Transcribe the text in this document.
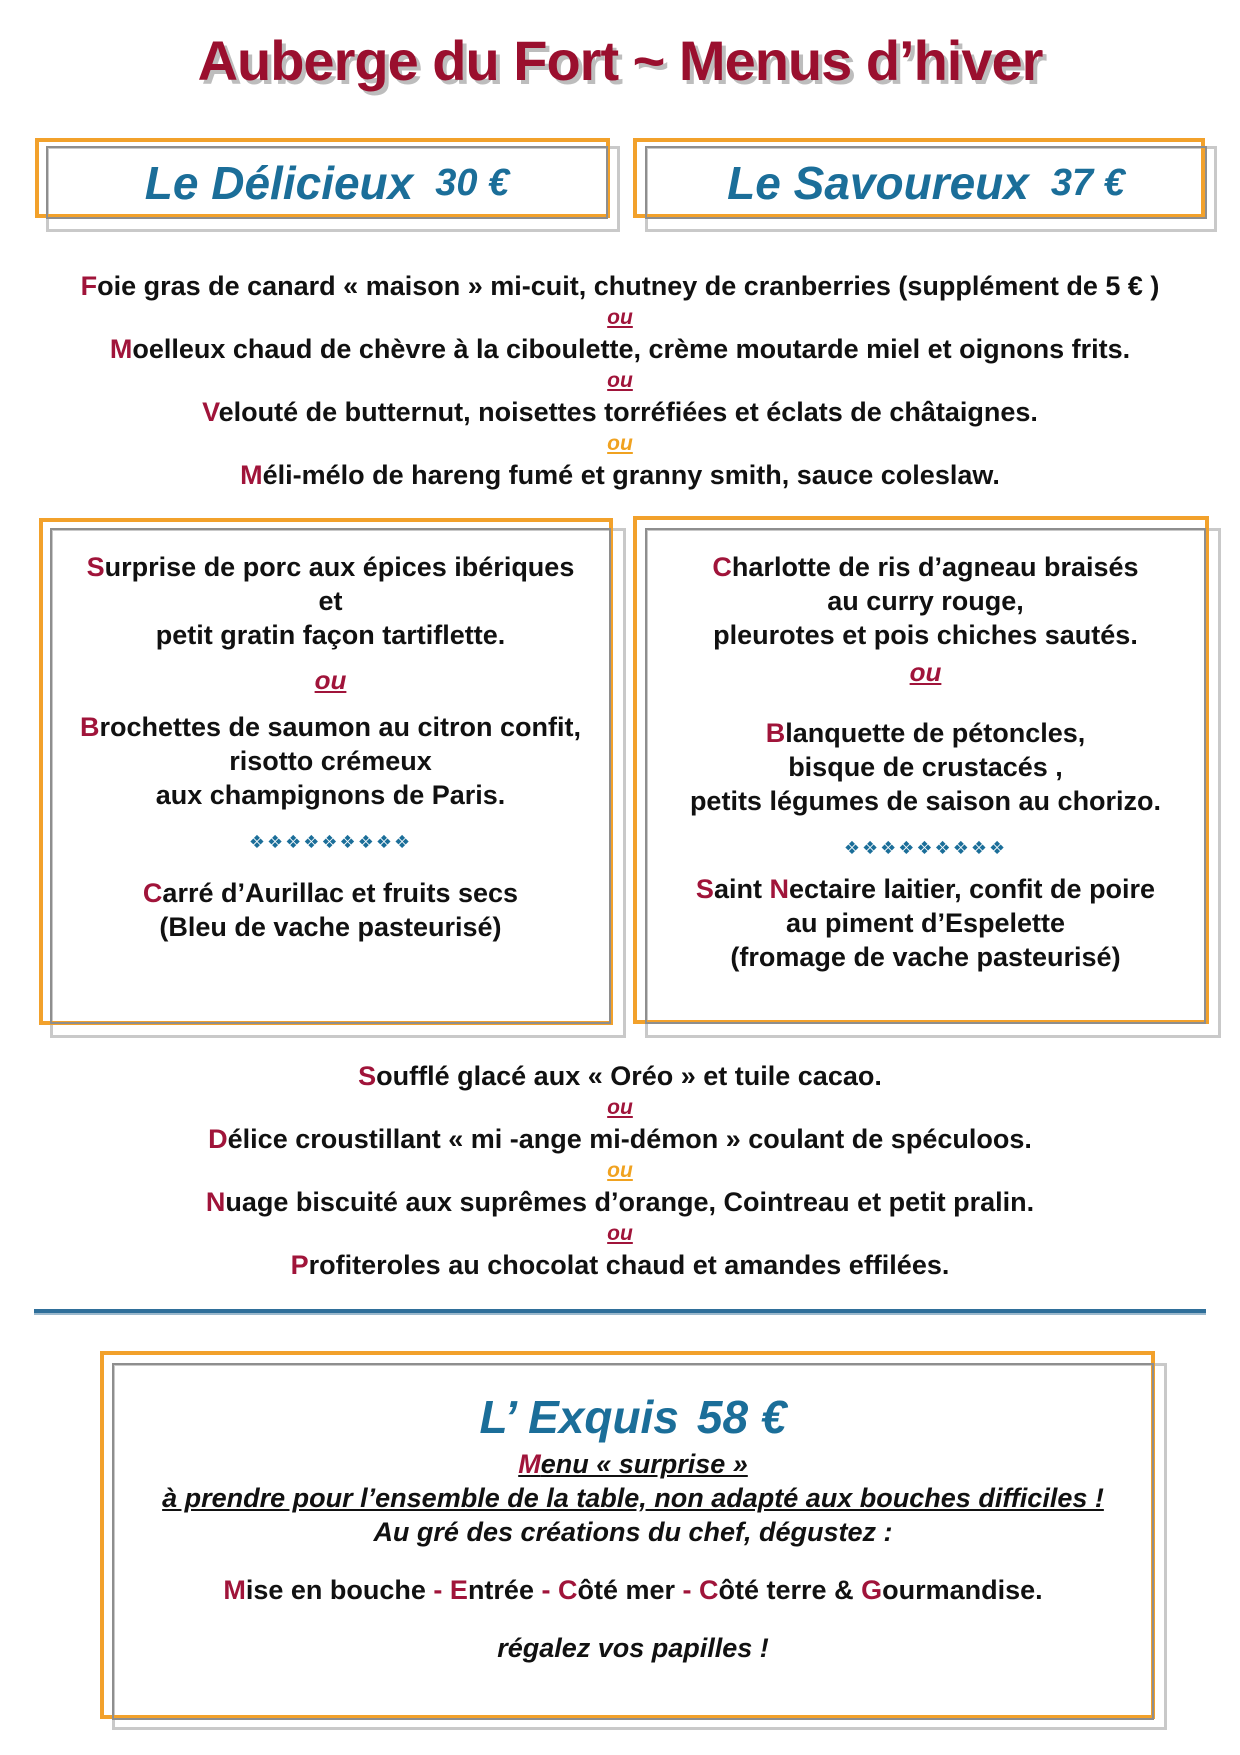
Auberge du Fort ~ Menus d’hiver
Le Délicieux 30 €	Le Savoureux 37 €
Foie gras de canard « maison » mi-cuit, chutney de cranberries (supplément de 5 € )
ou
Moelleux chaud de chèvre à la ciboulette, crème moutarde miel et oignons frits.
ou
Velouté de butternut, noisettes torréfiées et éclats de châtaignes.
ou
Méli-mélo de hareng fumé et granny smith, sauce coleslaw.
Surprise de porc aux épices ibériques
et
petit gratin façon tartiflette.
ou
Brochettes de saumon au citron confit,
risotto crémeux
aux champignons de Paris.
❖❖❖❖❖❖❖❖❖
Carré d’Aurillac et fruits secs
(Bleu de vache pasteurisé)
Charlotte de ris d’agneau braisés
au curry rouge,
pleurotes et pois chiches sautés.
ou
Blanquette de pétoncles,
bisque de crustacés ,
petits légumes de saison au chorizo.
❖❖❖❖❖❖❖❖❖
Saint Nectaire laitier, confit de poire
au piment d’Espelette
(fromage de vache pasteurisé)
Soufflé glacé aux « Oréo » et tuile cacao.
ou
Délice croustillant « mi -ange mi-démon » coulant de spéculoos.
ou
Nuage biscuité aux suprêmes d’orange, Cointreau et petit pralin.
ou
Profiteroles au chocolat chaud et amandes effilées.
L’ Exquis 58 €
Menu « surprise »
à prendre pour l’ensemble de la table, non adapté aux bouches difficiles !
Au gré des créations du chef, dégustez :
Mise en bouche - Entrée - Côté mer - Côté terre & Gourmandise.
régalez vos papilles !
